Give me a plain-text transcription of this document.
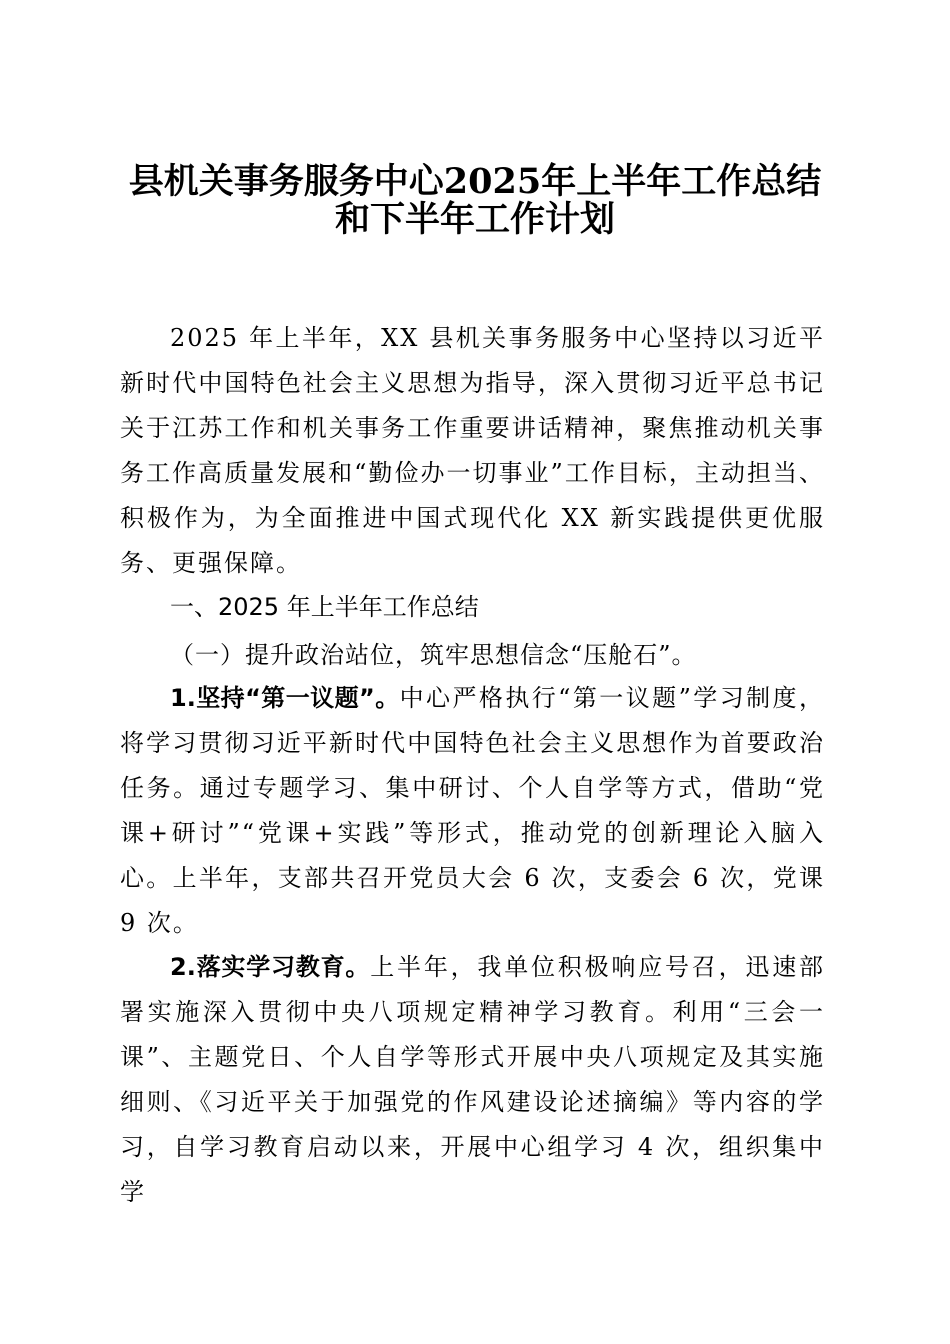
县机关事务服务中心2025年上半年工作总结
和下半年工作计划

2025 年上半年，XX 县机关事务服务中心坚持以习近平新时代中国特色社会主义思想为指导，深入贯彻习近平总书记关于江苏工作和机关事务工作重要讲话精神，聚焦推动机关事务工作高质量发展和“勤俭办一切事业”工作目标，主动担当、积极作为，为全面推进中国式现代化 XX 新实践提供更优服务、更强保障。

一、2025 年上半年工作总结

（一）提升政治站位，筑牢思想信念“压舱石”。

1.坚持“第一议题”。中心严格执行“第一议题”学习制度，将学习贯彻习近平新时代中国特色社会主义思想作为首要政治任务。通过专题学习、集中研讨、个人自学等方式，借助“党课+研讨”“党课+实践”等形式，推动党的创新理论入脑入心。上半年，支部共召开党员大会 6 次，支委会 6 次，党课 9 次。

2.落实学习教育。上半年，我单位积极响应号召，迅速部署实施深入贯彻中央八项规定精神学习教育。利用“三会一课”、主题党日、个人自学等形式开展中央八项规定及其实施细则、《习近平关于加强党的作风建设论述摘编》等内容的学习，自学习教育启动以来，开展中心组学习 4 次，组织集中学
